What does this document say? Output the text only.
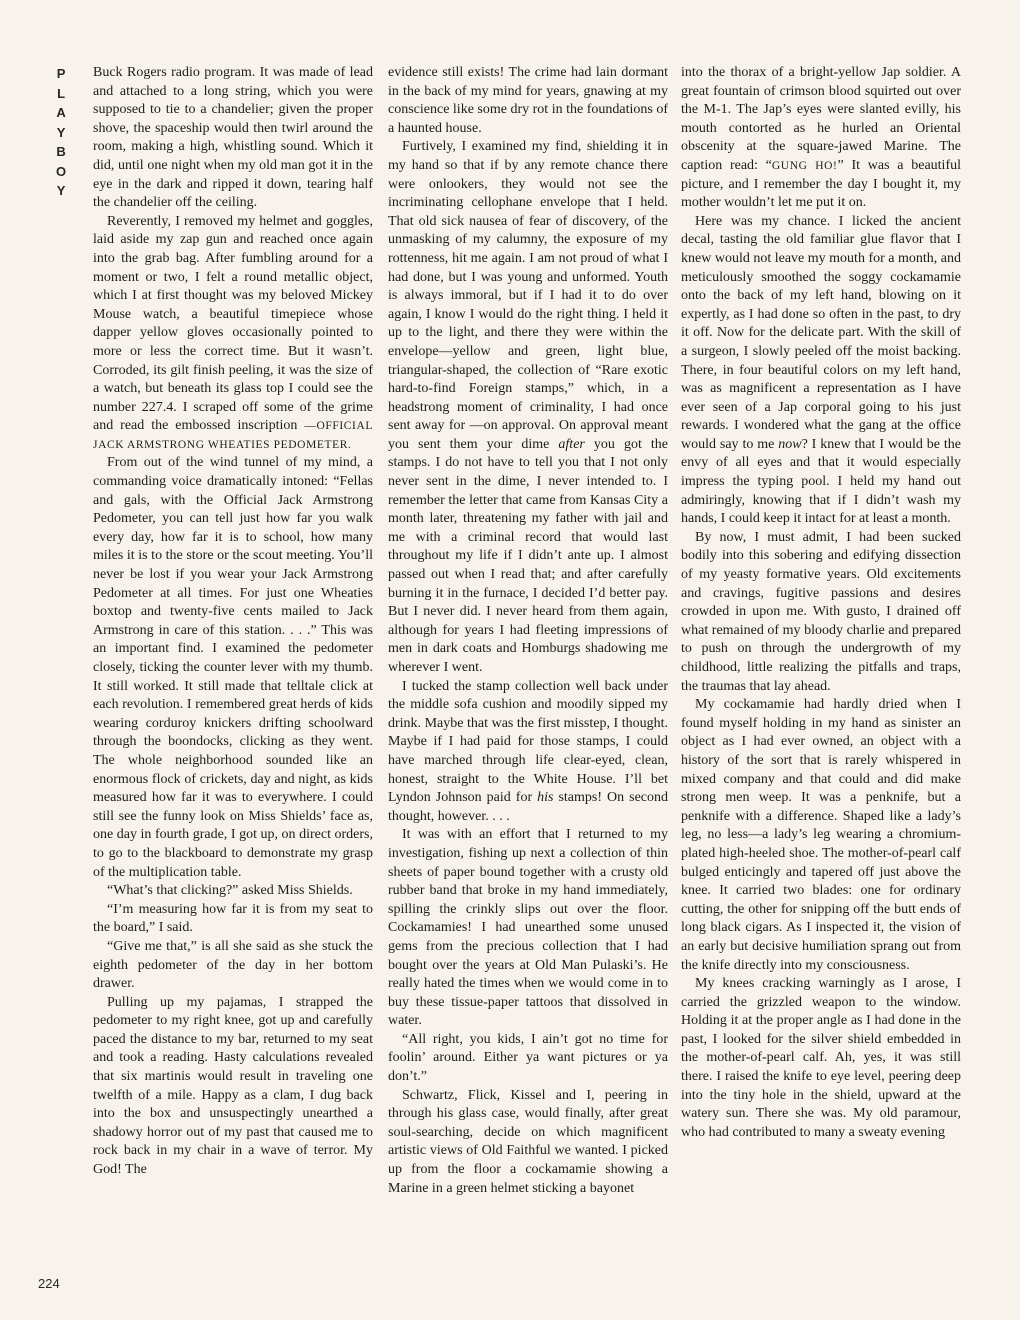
P
L
A
Y
B
O
Y
224

Buck Rogers radio program. It was made of lead and attached to a long string, which you were supposed to tie to a chandelier; given the proper shove, the spaceship would then twirl around the room, making a high, whistling sound. Which it did, until one night when my old man got it in the eye in the dark and ripped it down, tearing half the chandelier off the ceiling.

Reverently, I removed my helmet and goggles, laid aside my zap gun and reached once again into the grab bag. After fumbling around for a moment or two, I felt a round metallic object, which I at first thought was my beloved Mickey Mouse watch, a beautiful timepiece whose dapper yellow gloves occasionally pointed to more or less the correct time. But it wasn’t. Corroded, its gilt finish peeling, it was the size of a watch, but beneath its glass top I could see the number 227.4. I scraped off some of the grime and read the embossed inscription —OFFICIAL JACK ARMSTRONG WHEATIES PEDOMETER.

From out of the wind tunnel of my mind, a commanding voice dramatically intoned: “Fellas and gals, with the Official Jack Armstrong Pedometer, you can tell just how far you walk every day, how far it is to school, how many miles it is to the store or the scout meeting. You’ll never be lost if you wear your Jack Armstrong Pedometer at all times. For just one Wheaties boxtop and twenty-five cents mailed to Jack Armstrong in care of this station. . . .” This was an important find. I examined the pedometer closely, ticking the counter lever with my thumb. It still worked. It still made that telltale click at each revolution. I remembered great herds of kids wearing corduroy knickers drifting schoolward through the boondocks, clicking as they went. The whole neighborhood sounded like an enormous flock of crickets, day and night, as kids measured how far it was to everywhere. I could still see the funny look on Miss Shields’ face as, one day in fourth grade, I got up, on direct orders, to go to the blackboard to demonstrate my grasp of the multiplication table.

“What’s that clicking?” asked Miss Shields.

“I’m measuring how far it is from my seat to the board,” I said.

“Give me that,” is all she said as she stuck the eighth pedometer of the day in her bottom drawer.

Pulling up my pajamas, I strapped the pedometer to my right knee, got up and carefully paced the distance to my bar, returned to my seat and took a reading. Hasty calculations revealed that six martinis would result in traveling one twelfth of a mile. Happy as a clam, I dug back into the box and unsuspectingly unearthed a shadowy horror out of my past that caused me to rock back in my chair in a wave of terror. My God! The

evidence still exists! The crime had lain dormant in the back of my mind for years, gnawing at my conscience like some dry rot in the foundations of a haunted house.

Furtively, I examined my find, shielding it in my hand so that if by any remote chance there were onlookers, they would not see the incriminating cellophane envelope that I held. That old sick nausea of fear of discovery, of the unmasking of my calumny, the exposure of my rottenness, hit me again. I am not proud of what I had done, but I was young and unformed. Youth is always immoral, but if I had it to do over again, I know I would do the right thing. I held it up to the light, and there they were within the envelope—yellow and green, light blue, triangular-shaped, the collection of “Rare exotic hard-to-find Foreign stamps,” which, in a headstrong moment of criminality, I had once sent away for —on approval. On approval meant you sent them your dime after you got the stamps. I do not have to tell you that I not only never sent in the dime, I never intended to. I remember the letter that came from Kansas City a month later, threatening my father with jail and me with a criminal record that would last throughout my life if I didn’t ante up. I almost passed out when I read that; and after carefully burning it in the furnace, I decided I’d better pay. But I never did. I never heard from them again, although for years I had fleeting impressions of men in dark coats and Homburgs shadowing me wherever I went.

I tucked the stamp collection well back under the middle sofa cushion and moodily sipped my drink. Maybe that was the first misstep, I thought. Maybe if I had paid for those stamps, I could have marched through life clear-eyed, clean, honest, straight to the White House. I’ll bet Lyndon Johnson paid for his stamps! On second thought, however. . . .

It was with an effort that I returned to my investigation, fishing up next a collection of thin sheets of paper bound together with a crusty old rubber band that broke in my hand immediately, spilling the crinkly slips out over the floor. Cockamamies! I had unearthed some unused gems from the precious collection that I had bought over the years at Old Man Pulaski’s. He really hated the times when we would come in to buy these tissue-paper tattoos that dissolved in water.

“All right, you kids, I ain’t got no time for foolin’ around. Either ya want pictures or ya don’t.”

Schwartz, Flick, Kissel and I, peering in through his glass case, would finally, after great soul-searching, decide on which magnificent artistic views of Old Faithful we wanted. I picked up from the floor a cockamamie showing a Marine in a green helmet sticking a bayonet

into the thorax of a bright-yellow Jap soldier. A great fountain of crimson blood squirted out over the M-1. The Jap’s eyes were slanted evilly, his mouth contorted as he hurled an Oriental obscenity at the square-jawed Marine. The caption read: “GUNG HO!” It was a beautiful picture, and I remember the day I bought it, my mother wouldn’t let me put it on.

Here was my chance. I licked the ancient decal, tasting the old familiar glue flavor that I knew would not leave my mouth for a month, and meticulously smoothed the soggy cockamamie onto the back of my left hand, blowing on it expertly, as I had done so often in the past, to dry it off. Now for the delicate part. With the skill of a surgeon, I slowly peeled off the moist backing. There, in four beautiful colors on my left hand, was as magnificent a representation as I have ever seen of a Jap corporal going to his just rewards. I wondered what the gang at the office would say to me now? I knew that I would be the envy of all eyes and that it would especially impress the typing pool. I held my hand out admiringly, knowing that if I didn’t wash my hands, I could keep it intact for at least a month.

By now, I must admit, I had been sucked bodily into this sobering and edifying dissection of my yeasty formative years. Old excitements and cravings, fugitive passions and desires crowded in upon me. With gusto, I drained off what remained of my bloody charlie and prepared to push on through the undergrowth of my childhood, little realizing the pitfalls and traps, the traumas that lay ahead.

My cockamamie had hardly dried when I found myself holding in my hand as sinister an object as I had ever owned, an object with a history of the sort that is rarely whispered in mixed company and that could and did make strong men weep. It was a penknife, but a penknife with a difference. Shaped like a lady’s leg, no less—a lady’s leg wearing a chromium-plated high-heeled shoe. The mother-of-pearl calf bulged enticingly and tapered off just above the knee. It carried two blades: one for ordinary cutting, the other for snipping off the butt ends of long black cigars. As I inspected it, the vision of an early but decisive humiliation sprang out from the knife directly into my consciousness.

My knees cracking warningly as I arose, I carried the grizzled weapon to the window. Holding it at the proper angle as I had done in the past, I looked for the silver shield embedded in the mother-of-pearl calf. Ah, yes, it was still there. I raised the knife to eye level, peering deep into the tiny hole in the shield, upward at the watery sun. There she was. My old paramour, who had contributed to many a sweaty evening
